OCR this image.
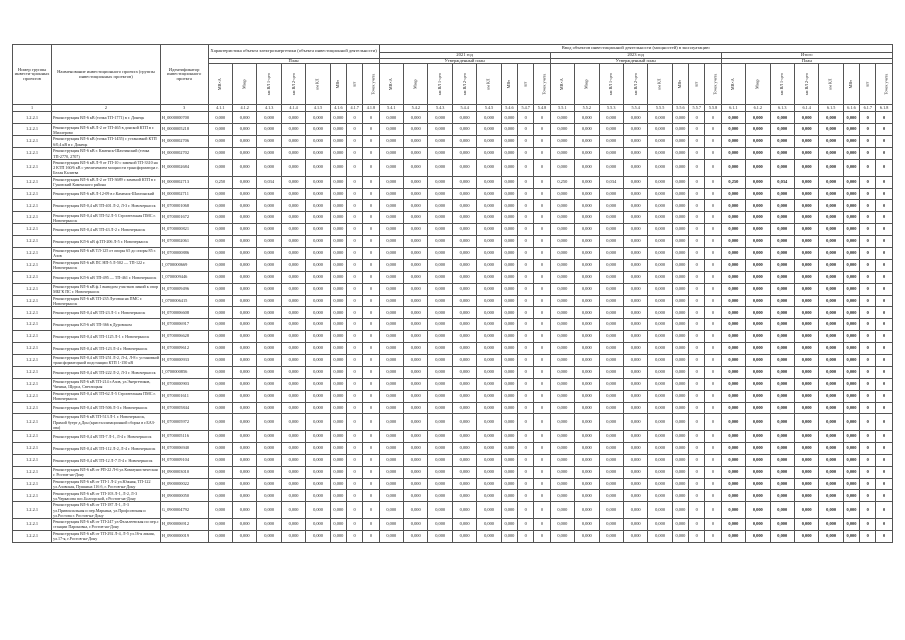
Номер группы инвести-ционных проектов	Наименование инвестиционного проекта (группы инвестиционных проектов)	Идентификатор инвестиционного проекта	Характеристика объекта электроэнергетики (объекта инвестиционной деятельности)								Ввод объектов инвестиционной деятельности (мощностей) в эксплуатацию																							
											2021 год								2023 год								Итого							
			План								Утвержденный план								Утвержденный план								План							
			МВ×А	Мвар	км ВЛ 1-цеп	км ВЛ 2-цеп	км КЛ	МВт	шт	Точек учета	МВ×А	Мвар	км ВЛ 1-цеп	км ВЛ 2-цеп	км КЛ	МВт	шт	Точек учета	МВ×А	Мвар	км ВЛ 1-цеп	км ВЛ 2-цеп	км КЛ	МВт	шт	Точек учета	МВ×А	Мвар	км ВЛ 1-цеп	км ВЛ 2-цеп	км КЛ	МВт	шт	Точек учета
1	2	3	4.1.1	4.1.2	4.1.3	4.1.4	4.1.5	4.1.6	4.1.7	4.1.8	5.4.1	5.4.2	5.4.3	5.4.4	5.4.5	5.4.6	5.4.7	5.4.8	5.5.1	5.5.2	5.5.3	5.5.4	5.5.5	5.5.6	5.5.7	5.5.8	6.1.1	6.1.2	6.1.3	6.1.4	6.1.5	6.1.6	6.1.7	6.1.8
1.2.2.1	Реконструкция ВЛ-6 кВ (точка ТП-1771) в г. Донецк	H_0000000700	0,000	0,000	0,000	0,000	0,000	0,000	0	0	0,000	0,000	0,000	0,000	0,000	0,000	0	0	0,000	0,000	0,000	0,000	0,000	0,000	0	0	0,000	0,000	0,000	0,000	0,000	0,000	0	0
1.2.2.1	Реконструкция ВЛ-6 кВ Л-2 от ТП-465 в донской КТП в г. Миллерово	H_0000005218	0,000	0,000	0,000	0,000	0,000	0,000	0	0	0,000	0,000	0,000	0,000	0,000	0,000	0	0	0,000	0,000	0,000	0,000	0,000	0,000	0	0	0,000	0,000	0,000	0,000	0,000	0,000	0	0
1.2.2.1	Реконструкция ВЛ-6 кВ (точка ТП-1455) с установкой КТП 6/0,4 кВ в г. Донецк	H_0000002706	0,000	0,000	0,000	0,000	0,000	0,000	0	0	0,000	0,000	0,000	0,000	0,000	0,000	0	0	0,000	0,000	0,000	0,000	0,000	0,000	0	0	0,000	0,000	0,000	0,000	0,000	0,000	0	0
1.2.2.1	Реконструкция ВЛ-6 кВ г. Каменск-Шахтинский (точка ТП-2770, 2707)	H_0000002702	0,000	0,000	0,000	0,000	0,000	0,000	0	0	0,000	0,000	0,000	0,000	0,000	0,000	0	0	0,000	0,000	0,000	0,000	0,000	0,000	0	0	0,000	0,000	0,000	0,000	0,000	0,000	0	0
1.2.2.1	Реконструкция ВЛ-6 кВ Л-9 от ГП-10 с заменой ТП-3310 на 2 КТП 160/6 кВ с увеличением мощности трансформатора г. Белая Калитва	H_0000002684	0,000	0,000	0,000	0,000	0,000	0,000	0	0	0,000	0,000	0,000	0,000	0,000	0,000	0	0	0,000	0,000	0,000	0,000	0,000	0,000	0	0	0,000	0,000	0,000	0,000	0,000	0,000	0	0
1.2.2.1	Реконструкция ВЛ-6 кВ Л-2 от ТП-3689 с заменой КТП в г. Гуковский Каменского района	H_0000002713	0,250	0,000	0,034	0,000	0,000	0,000	0	0	0,000	0,000	0,000	0,000	0,000	0,000	0	0	0,250	0,000	0,034	0,000	0,000	0,000	0	0	0,250	0,000	0,034	0,000	0,000	0,000	0	0
1.2.2.1	Реконструкция ВЛ-6 кВ Л-12-09 в г.Каменск-Шахтинский	H_0000002711	0,000	0,000	0,000	0,000	0,000	0,000	0	0	0,000	0,000	0,000	0,000	0,000	0,000	0	0	0,000	0,000	0,000	0,000	0,000	0,000	0	0	0,000	0,000	0,000	0,000	0,000	0,000	0	0
1.2.2.1	Реконструкция ВЛ-0,4 кВ ТП-401 Л-2, Л-3 г. Новочеркасск	H_0700001068	0,000	0,000	0,000	0,000	0,000	0,000	0	0	0,000	0,000	0,000	0,000	0,000	0,000	0	0	0,000	0,000	0,000	0,000	0,000	0,000	0	0	0,000	0,000	0,000	0,000	0,000	0,000	0	0
1.2.2.1	Реконструкция ВЛ-0,4 кВ ТП-52 Л-5 Строительная ПМС г. Новочеркасск	H_0700001672	0,000	0,000	0,000	0,000	0,000	0,000	0	0	0,000	0,000	0,000	0,000	0,000	0,000	0	0	0,000	0,000	0,000	0,000	0,000	0,000	0	0	0,000	0,000	0,000	0,000	0,000	0,000	0	0
1.2.2.1	Реконструкция ВЛ-0,4 кВ ТП-43 Л-2 г. Новочеркасск	H_0700000821	0,000	0,000	0,000	0,000	0,000	0,000	0	0	0,000	0,000	0,000	0,000	0,000	0,000	0	0	0,000	0,000	0,000	0,000	0,000	0,000	0	0	0,000	0,000	0,000	0,000	0,000	0,000	0	0
1.2.2.1	Реконструкция КЛ-6 кВ ф.ТП-206 Л-5 г. Новочеркасск	H_0700002061	0,000	0,000	0,000	0,000	0,000	0,000	0	0	0,000	0,000	0,000	0,000	0,000	0,000	0	0	0,000	0,000	0,000	0,000	0,000	0,000	0	0	0,000	0,000	0,000	0,000	0,000	0,000	0	0
1.2.2.1	Реконструкция ВЛ-6 кВ ТЛ-125 от опоры 65 до опоры 85 г. Азов	H_0700000886	0,000	0,000	0,000	0,000	0,000	0,000	0	0	0,000	0,000	0,000	0,000	0,000	0,000	0	0	0,000	0,000	0,000	0,000	0,000	0,000	0	0	0,000	0,000	0,000	0,000	0,000	0,000	0	0
1.2.2.1	Реконструкция ВЛ-6 кВ ПС НП-5 Л-502 — ТП-122 г. Новочеркасск	I_0700000669	0,000	0,000	0,000	0,000	0,000	0,000	0	0	0,000	0,000	0,000	0,000	0,000	0,000	0	0	0,000	0,000	0,000	0,000	0,000	0,000	0	0	0,000	0,000	0,000	0,000	0,000	0,000	0	0
1.2.2.1	Реконструкция КЛ-6 кВ ТП-495 — ТП-461 г. Новочеркасск	I_0700009446	0,000	0,000	0,000	0,000	0,000	0,000	0	0	0,000	0,000	0,000	0,000	0,000	0,000	0	0	0,000	0,000	0,000	0,000	0,000	0,000	0	0	0,000	0,000	0,000	0,000	0,000	0,000	0	0
1.2.2.1	Реконструкция ВЛ-6 кВ ф.1 выводом участков линий к опор МБГК ПС г. Новочеркасск	H_0700009496	0,000	0,000	0,000	0,000	0,000	0,000	0	0	0,000	0,000	0,000	0,000	0,000	0,000	0	0	0,000	0,000	0,000	0,000	0,000	0,000	0	0	0,000	0,000	0,000	0,000	0,000	0,000	0	0
1.2.2.1	Реконструкция ВЛ-6 кВ ТП-235 Луговая на ПМС г. Новочеркасск	I_0700006415	0,000	0,000	0,000	0,000	0,000	0,000	0	0	0,000	0,000	0,000	0,000	0,000	0,000	0	0	0,000	0,000	0,000	0,000	0,000	0,000	0	0	0,000	0,000	0,000	0,000	0,000	0,000	0	0
1.2.2.1	Реконструкция ВЛ-0,4 кВ ТП-23 Л-1 г. Новочеркасск	H_0700006608	0,000	0,000	0,000	0,000	0,000	0,000	0	0	0,000	0,000	0,000	0,000	0,000	0,000	0	0	0,000	0,000	0,000	0,000	0,000	0,000	0	0	0,000	0,000	0,000	0,000	0,000	0,000	0	0
1.2.2.1	Реконструкция КЛ-6 кВ ТП-366 в Дуровском	H_0700006917	0,000	0,000	0,000	0,000	0,000	0,000	0	0	0,000	0,000	0,000	0,000	0,000	0,000	0	0	0,000	0,000	0,000	0,000	0,000	0,000	0	0	0,000	0,000	0,000	0,000	0,000	0,000	0	0
1.2.2.1	Реконструкция ВЛ-0,4 кВ ТП-1125 Л-1 г. Новочеркасск	H_0700006628	0,000	0,000	0,000	0,000	0,000	0,000	0	0	0,000	0,000	0,000	0,000	0,000	0,000	0	0	0,000	0,000	0,000	0,000	0,000	0,000	0	0	0,000	0,000	0,000	0,000	0,000	0,000	0	0
1.2.2.1	Реконструкция ВЛ-0,4 кВ ТП-123 Л-4 г. Новочеркасск	H_0700009612	0,000	0,000	0,000	0,000	0,000	0,000	0	0	0,000	0,000	0,000	0,000	0,000	0,000	0	0	0,000	0,000	0,000	0,000	0,000	0,000	0	0	0,000	0,000	0,000	0,000	0,000	0,000	0	0
1.2.2.1	Реконструкция ВЛ-0,4 кВ ТП-251 Л-2, Л-4, Л-8 с установкой трансформаторной подстанции КТП 1-150 кВ	H_0700000933	0,000	0,000	0,000	0,000	0,000	0,000	0	0	0,000	0,000	0,000	0,000	0,000	0,000	0	0	0,000	0,000	0,000	0,000	0,000	0,000	0	0	0,000	0,000	0,000	0,000	0,000	0,000	0	0
1.2.2.1	Реконструкция ВЛ-0,4 кВ ТП-222 Л-2, Л-3 г. Новочеркасск	I_0700000856	0,000	0,000	0,000	0,000	0,000	0,000	0	0	0,000	0,000	0,000	0,000	0,000	0,000	0	0	0,000	0,000	0,000	0,000	0,000	0,000	0	0	0,000	0,000	0,000	0,000	0,000	0,000	0	0
1.2.2.1	Реконструкция ВЛ-6 кВ ТП-214 г.Азов, ул.Энергетиков, Чичина, Щорса, Светлицкая	H_0700000903	0,000	0,000	0,000	0,000	0,000	0,000	0	0	0,000	0,000	0,000	0,000	0,000	0,000	0	0	0,000	0,000	0,000	0,000	0,000	0,000	0	0	0,000	0,000	0,000	0,000	0,000	0,000	0	0
1.2.2.1	Реконструкция ВЛ-0,4 кВ ТП-62 Л-5 Строительная ПМС г. Новочеркасск	H_0700001611	0,000	0,000	0,000	0,000	0,000	0,000	0	0	0,000	0,000	0,000	0,000	0,000	0,000	0	0	0,000	0,000	0,000	0,000	0,000	0,000	0	0	0,000	0,000	0,000	0,000	0,000	0,000	0	0
1.2.2.1	Реконструкция ВЛ-0,4 кВ ТП-506 Л-3 г. Новочеркасск	H_0700005844	0,000	0,000	0,000	0,000	0,000	0,000	0	0	0,000	0,000	0,000	0,000	0,000	0,000	0	0	0,000	0,000	0,000	0,000	0,000	0,000	0	0	0,000	0,000	0,000	0,000	0,000	0,000	0	0
1.2.2.1	Реконструкция ВЛ-6 кВ ТП-513 Л-1 г. Новочеркасск, Прямой буерт д.Дон (кристаллизационной сборка в г.БАЗ-ова)	H_0700005972	0,000	0,000	0,000	0,000	0,000	0,000	0	0	0,000	0,000	0,000	0,000	0,000	0,000	0	0	0,000	0,000	0,000	0,000	0,000	0,000	0	0	0,000	0,000	0,000	0,000	0,000	0,000	0	0
1.2.2.1	Реконструкция ВЛ-0,4 кВ ТП-7 Л-1, Л-4 г. Новочеркасск	H_0700005116	0,000	0,000	0,000	0,000	0,000	0,000	0	0	0,000	0,000	0,000	0,000	0,000	0,000	0	0	0,000	0,000	0,000	0,000	0,000	0,000	0	0	0,000	0,000	0,000	0,000	0,000	0,000	0	0
1.2.2.1	Реконструкция ВЛ-0,4 кВ ТП-112 Л-2, Л-4 г. Новочеркасск	H_0700006940	0,000	0,000	0,000	0,000	0,000	0,000	0	0	0,000	0,000	0,000	0,000	0,000	0,000	0	0	0,000	0,000	0,000	0,000	0,000	0,000	0	0	0,000	0,000	0,000	0,000	0,000	0,000	0	0
1.2.2.1	Реконструкция ВЛ-0,4 кВ ТП-12 Л-7 Л-4 г. Новочеркасск	H_0700009104	0,000	0,000	0,000	0,000	0,000	0,000	0	0	0,000	0,000	0,000	0,000	0,000	0,000	0	0	0,000	0,000	0,000	0,000	0,000	0,000	0	0	0,000	0,000	0,000	0,000	0,000	0,000	0	0
1.2.2.1	Реконструкция ВЛ-6 кВ от РП-22 Л-6 ул.Коммунистическая г. Ростов-на-Дону	H_0900003010	0,000	0,000	0,000	0,000	0,000	0,000	0	0	0,000	0,000	0,000	0,000	0,000	0,000	0	0	0,000	0,000	0,000	0,000	0,000	0,000	0	0	0,000	0,000	0,000	0,000	0,000	0,000	0	0
1.2.2.1	Реконструкция ВЛ-6 кВ от ТП-1 Л-2 ул.Южная, ТП-122 ул.Азовская, Пушкина 116 б, г. Ростов-на-Дону	H_0900000022	0,000	0,000	0,000	0,000	0,000	0,000	0	0	0,000	0,000	0,000	0,000	0,000	0,000	0	0	0,000	0,000	0,000	0,000	0,000	0,000	0	0	0,000	0,000	0,000	0,000	0,000	0,000	0	0
1.2.2.1	Реконструкция ВЛ-6 кВ от ТП-103 Л-1, Л-2, Л-3 ул.Черкасова пос.Болгорской, г.Ростов-на-Дону	H_0900000050	0,000	0,000	0,000	0,000	0,000	0,000	0	0	0,000	0,000	0,000	0,000	0,000	0,000	0	0	0,000	0,000	0,000	0,000	0,000	0,000	0	0	0,000	0,000	0,000	0,000	0,000	0,000	0	0
1.2.2.1	Реконструкция ВЛ-6 кВ от ТП-187 Л-1, Л-3 ул.Привокзальная и пер.Марьина, ул.Профсоюзная и ул.Ростова г. Ростов-на-Дону	G_0900004792	0,000	0,000	0,000	0,000	0,000	0,000	0	0	0,000	0,000	0,000	0,000	0,000	0,000	0	0	0,000	0,000	0,000	0,000	0,000	0,000	0	0	0,000	0,000	0,000	0,000	0,000	0,000	0	0
1.2.2.1	Реконструкция ВЛ-6 кВ от ТП-247 ул.Фалалеевская по пер.с станции Пароновка, г.Ростов-на-Дону	H_0900006912	0,000	0,000	0,000	0,000	0,000	0,000	0	0	0,000	0,000	0,000	0,000	0,000	0,000	0	0	0,000	0,000	0,000	0,000	0,000	0,000	0	0	0,000	0,000	0,000	0,000	0,000	0,000	0	0
1.2.2.1	Реконструкция ВЛ-6 кВ от ТП-292 Л-4, Л-5 ул.16-я линия, ул.17-я, г.Ростов-на-Дону	H_0900000019	0,000	0,000	0,000	0,000	0,000	0,000	0	0	0,000	0,000	0,000	0,000	0,000	0,000	0	0	0,000	0,000	0,000	0,000	0,000	0,000	0	0	0,000	0,000	0,000	0,000	0,000	0,000	0	0
